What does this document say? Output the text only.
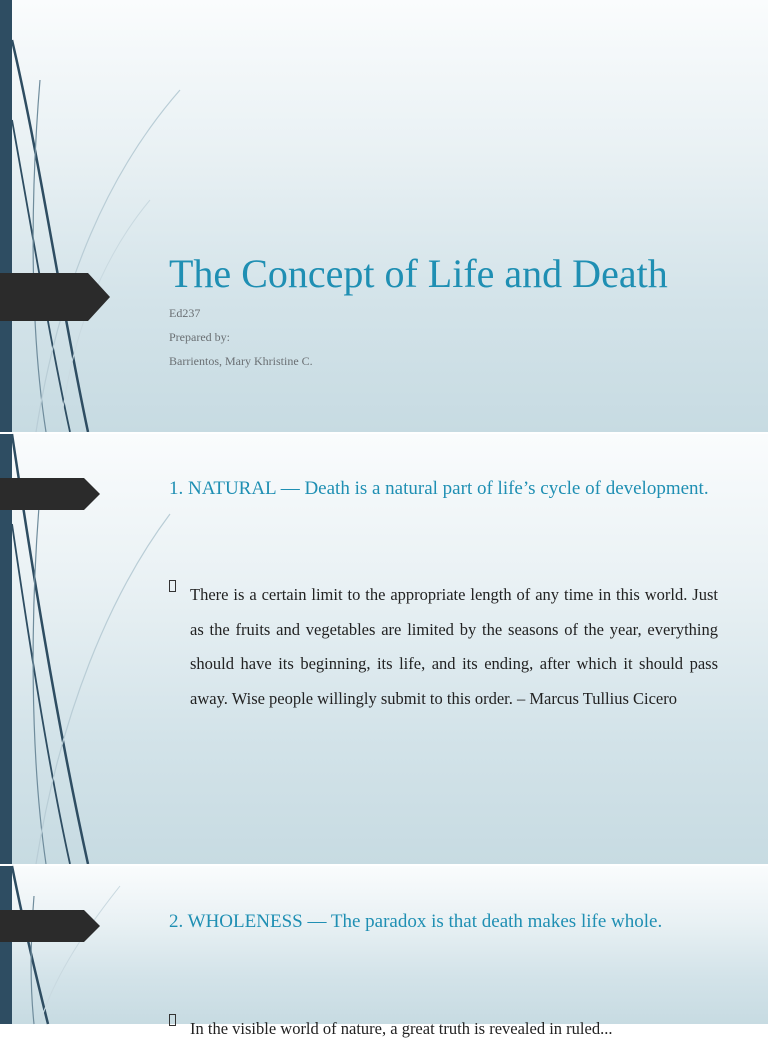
The Concept of Life and Death

Ed237

Prepared by:

Barrientos, Mary Khristine C.

1. NATURAL — Death is a natural part of life’s cycle of development.

There is a certain limit to the appropriate length of any time in this world. Just as the fruits and vegetables are limited by the seasons of the year, everything should have its beginning, its life, and its ending, after which it should pass away. Wise people willingly submit to this order. – Marcus Tullius Cicero

2. WHOLENESS — The paradox is that death makes life whole.

In the visible world of nature, a great truth is revealed in ruled...
